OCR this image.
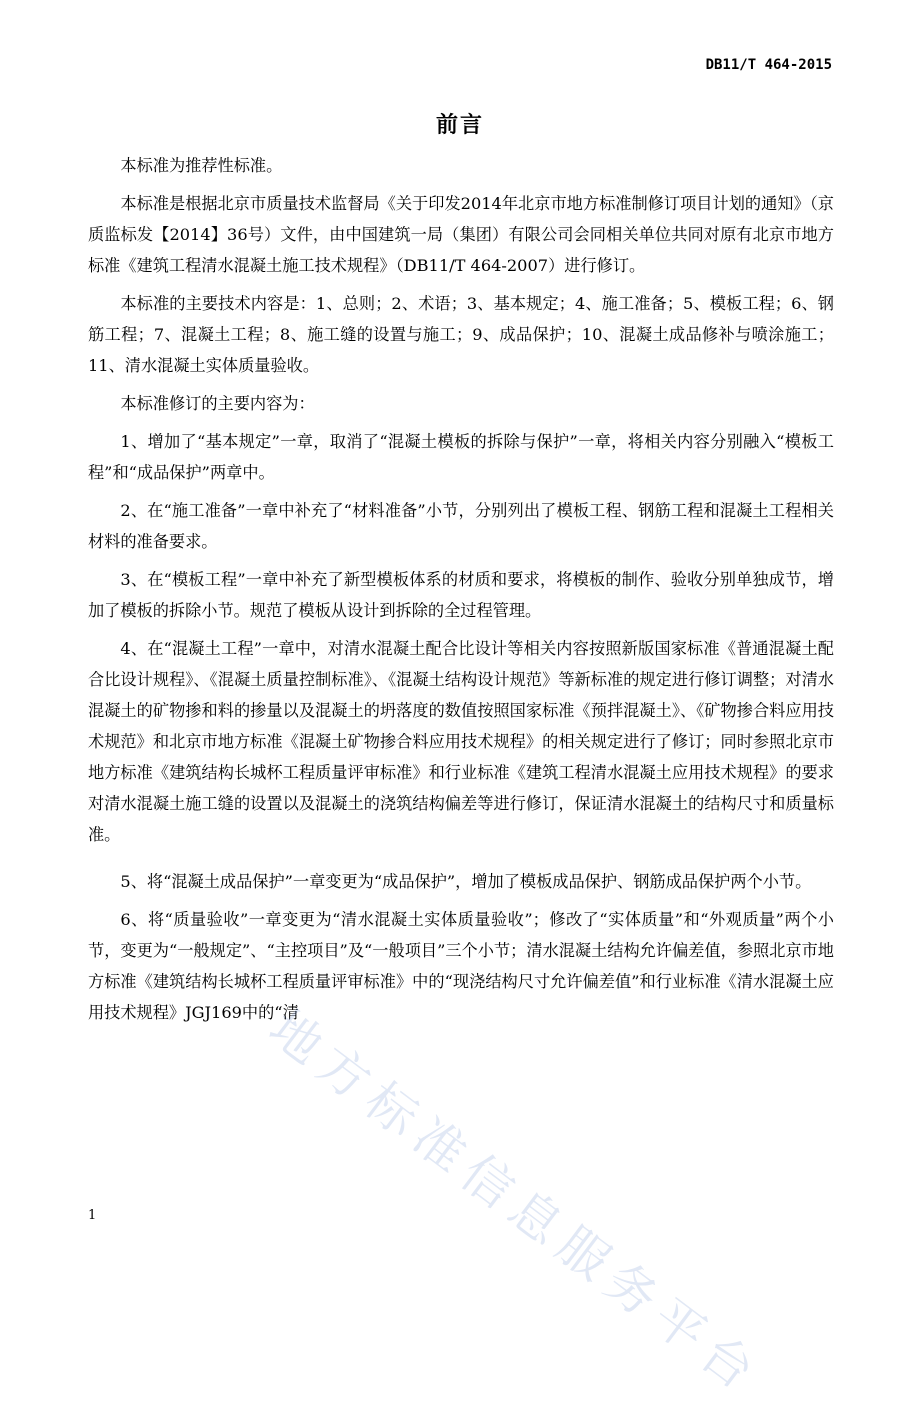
DB11/T 464-2015
前言

本标准为推荐性标准。

本标准是根据北京市质量技术监督局《关于印发2014年北京市地方标准制修订项目计划的通知》（京质监标发【2014】36号）文件，由中国建筑一局（集团）有限公司会同相关单位共同对原有北京市地方标准《建筑工程清水混凝土施工技术规程》（DB11/T 464-2007）进行修订。

本标准的主要技术内容是：1、总则；2、术语；3、基本规定；4、施工准备；5、模板工程；6、钢筋工程；7、混凝土工程；8、施工缝的设置与施工；9、成品保护；10、混凝土成品修补与喷涂施工；11、清水混凝土实体质量验收。

本标准修订的主要内容为：

1、增加了“基本规定”一章，取消了“混凝土模板的拆除与保护”一章，将相关内容分别融入“模板工程”和“成品保护”两章中。

2、在“施工准备”一章中补充了“材料准备”小节，分别列出了模板工程、钢筋工程和混凝土工程相关材料的准备要求。

3、在“模板工程”一章中补充了新型模板体系的材质和要求，将模板的制作、验收分别单独成节，增加了模板的拆除小节。规范了模板从设计到拆除的全过程管理。

4、在“混凝土工程”一章中，对清水混凝土配合比设计等相关内容按照新版国家标准《普通混凝土配合比设计规程》、《混凝土质量控制标准》、《混凝土结构设计规范》等新标准的规定进行修订调整；对清水混凝土的矿物掺和料的掺量以及混凝土的坍落度的数值按照国家标准《预拌混凝土》、《矿物掺合料应用技术规范》和北京市地方标准《混凝土矿物掺合料应用技术规程》的相关规定进行了修订；同时参照北京市地方标准《建筑结构长城杯工程质量评审标准》和行业标准《建筑工程清水混凝土应用技术规程》的要求对清水混凝土施工缝的设置以及混凝土的浇筑结构偏差等进行修订，保证清水混凝土的结构尺寸和质量标准。

5、将“混凝土成品保护”一章变更为“成品保护”，增加了模板成品保护、钢筋成品保护两个小节。

6、将“质量验收”一章变更为“清水混凝土实体质量验收”；修改了“实体质量”和“外观质量”两个小节，变更为“一般规定”、“主控项目”及“一般项目”三个小节；清水混凝土结构允许偏差值，参照北京市地方标准《建筑结构长城杯工程质量评审标准》中的“现浇结构尺寸允许偏差值”和行业标准《清水混凝土应用技术规程》JGJ169中的“清

地方标准信息服务平台
1
